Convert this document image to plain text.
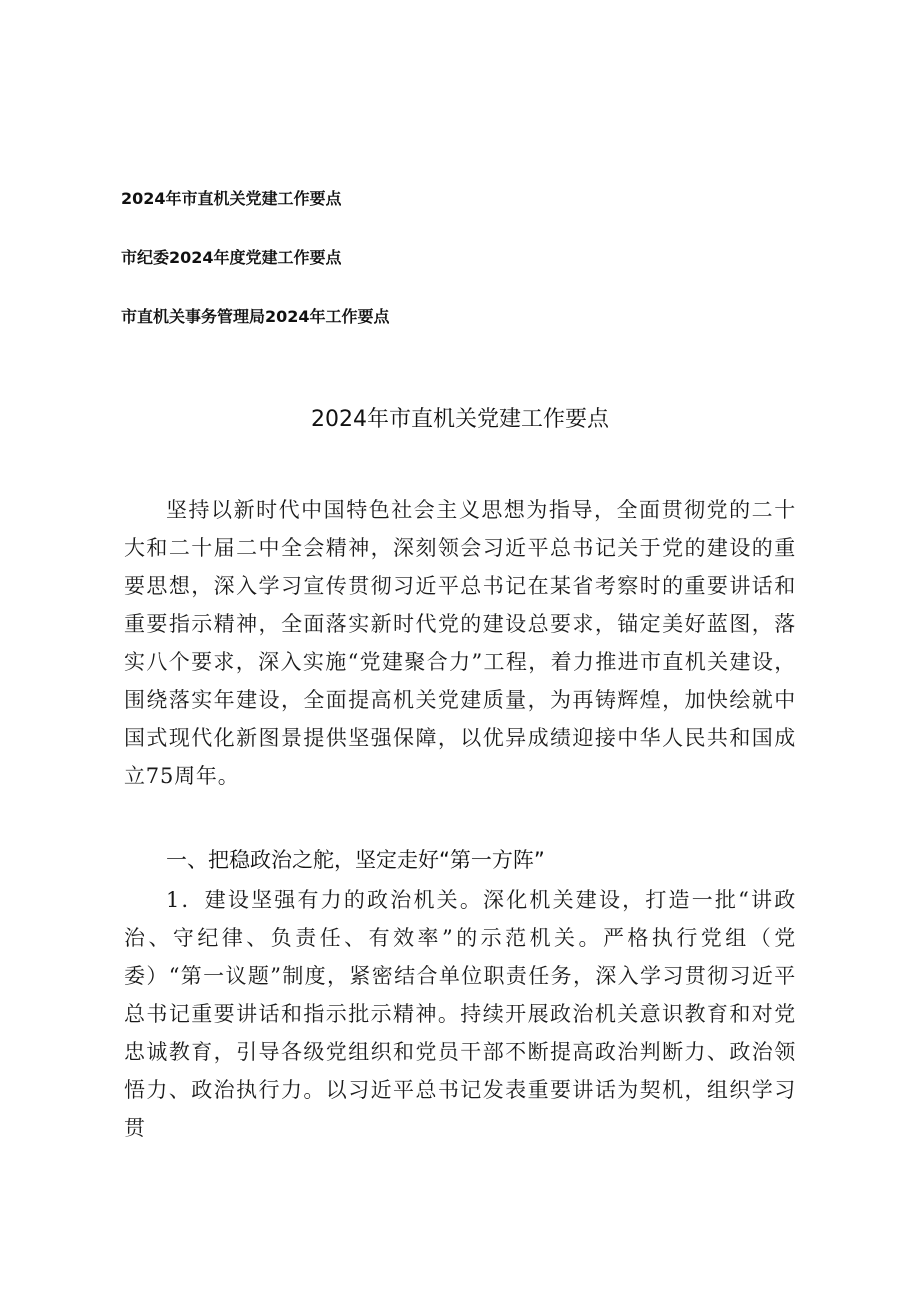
2024年市直机关党建工作要点
市纪委2024年度党建工作要点
市直机关事务管理局2024年工作要点
2024年市直机关党建工作要点

坚持以新时代中国特色社会主义思想为指导，全面贯彻党的二十大和二十届二中全会精神，深刻领会习近平总书记关于党的建设的重要思想，深入学习宣传贯彻习近平总书记在某省考察时的重要讲话和重要指示精神，全面落实新时代党的建设总要求，锚定美好蓝图，落实八个要求，深入实施“党建聚合力”工程，着力推进市直机关建设，围绕落实年建设，全面提高机关党建质量，为再铸辉煌，加快绘就中国式现代化新图景提供坚强保障，以优异成绩迎接中华人民共和国成立75周年。

一、把稳政治之舵，坚定走好“第一方阵”

1．建设坚强有力的政治机关。深化机关建设，打造一批“讲政治、守纪律、负责任、有效率”的示范机关。严格执行党组（党委）“第一议题”制度，紧密结合单位职责任务，深入学习贯彻习近平总书记重要讲话和指示批示精神。持续开展政治机关意识教育和对党忠诚教育，引导各级党组织和党员干部不断提高政治判断力、政治领悟力、政治执行力。以习近平总书记发表重要讲话为契机，组织学习贯
